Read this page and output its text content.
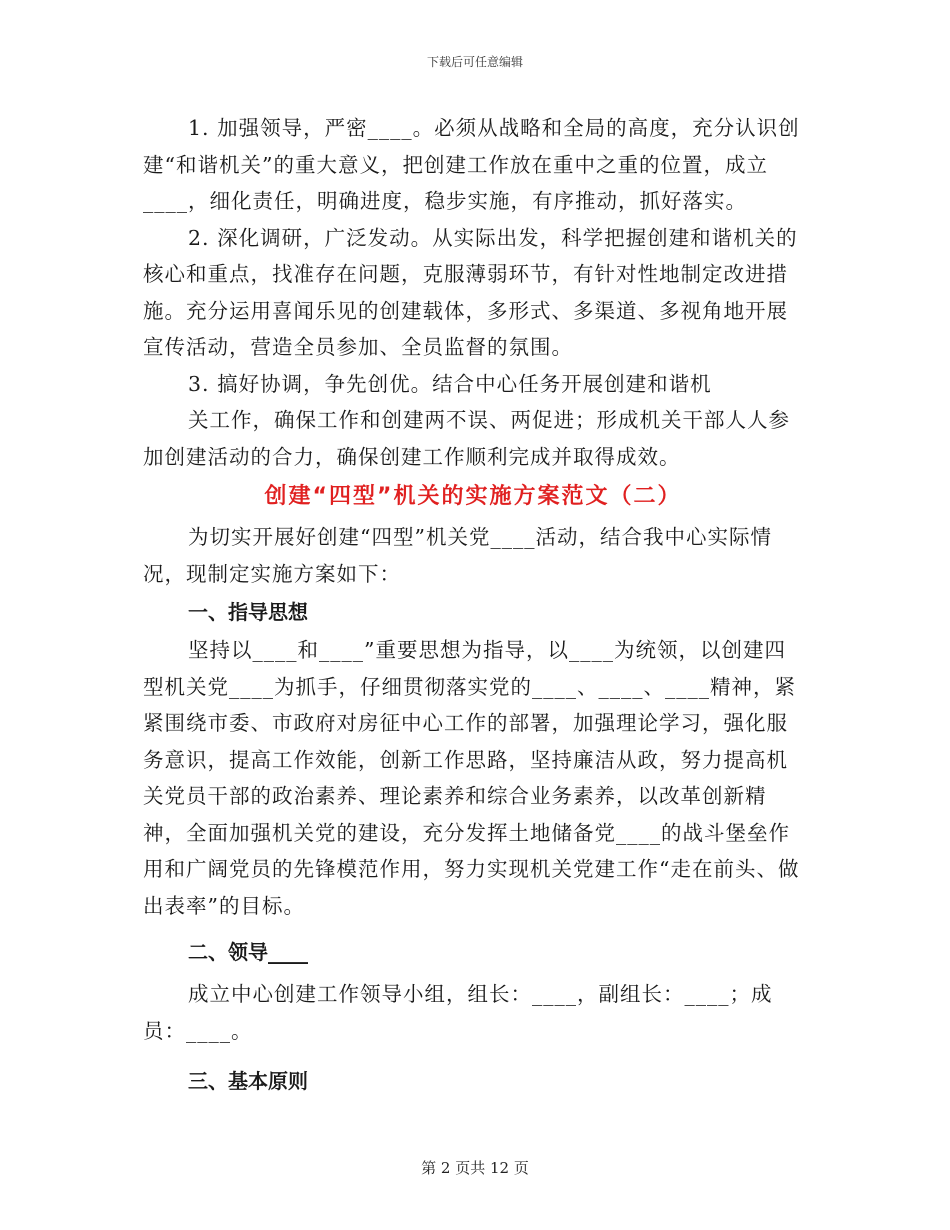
下载后可任意编辑

1. 加强领导，严密____。必须从战略和全局的高度，充分认识创建“和谐机关”的重大意义，把创建工作放在重中之重的位置，成立____，细化责任，明确进度，稳步实施，有序推动，抓好落实。

2. 深化调研，广泛发动。从实际出发，科学把握创建和谐机关的核心和重点，找准存在问题，克服薄弱环节，有针对性地制定改进措施。充分运用喜闻乐见的创建载体，多形式、多渠道、多视角地开展宣传活动，营造全员参加、全员监督的氛围。

3. 搞好协调，争先创优。结合中心任务开展创建和谐机

关工作，确保工作和创建两不误、两促进；形成机关干部人人参加创建活动的合力，确保创建工作顺利完成并取得成效。

创建“四型”机关的实施方案范文（二）

为切实开展好创建“四型”机关党____活动，结合我中心实际情况，现制定实施方案如下：

一、指导思想

坚持以____和____”重要思想为指导，以____为统领，以创建四型机关党____为抓手，仔细贯彻落实党的____、____、____精神，紧紧围绕市委、市政府对房征中心工作的部署，加强理论学习，强化服务意识，提高工作效能，创新工作思路，坚持廉洁从政，努力提高机关党员干部的政治素养、理论素养和综合业务素养，以改革创新精神，全面加强机关党的建设，充分发挥土地储备党____的战斗堡垒作用和广阔党员的先锋模范作用，努力实现机关党建工作“走在前头、做出表率”的目标。

二、领导____

成立中心创建工作领导小组，组长：____，副组长：____；成员：____。

三、基本原则
第 2 页共 12 页
